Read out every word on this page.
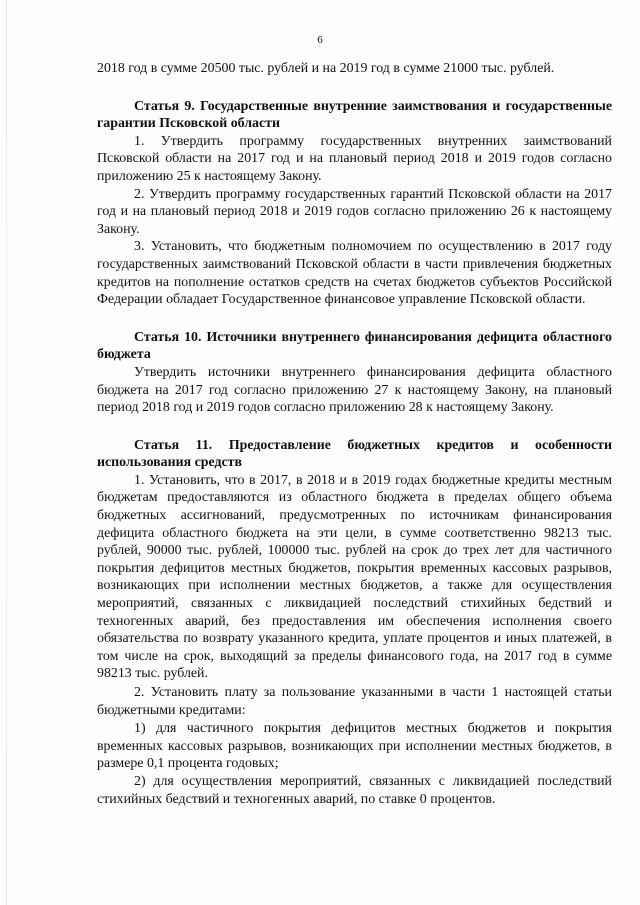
6

2018 год в сумме 20500 тыс. рублей и на 2019 год в сумме 21000 тыс. рублей.

Статья 9. Государственные внутренние заимствования и государственные гарантии Псковской области

1. Утвердить программу государственных внутренних заимствований Псковской области на 2017 год и на плановый период 2018 и 2019 годов согласно приложению 25 к настоящему Закону.

2. Утвердить программу государственных гарантий Псковской области на 2017 год и на плановый период 2018 и 2019 годов согласно приложению 26 к настоящему Закону.

3. Установить, что бюджетным полномочием по осуществлению в 2017 году государственных заимствований Псковской области в части привлечения бюджетных кредитов на пополнение остатков средств на счетах бюджетов субъектов Российской Федерации обладает Государственное финансовое управление Псковской области.

Статья 10. Источники внутреннего финансирования дефицита областного бюджета

Утвердить источники внутреннего финансирования дефицита областного бюджета на 2017 год согласно приложению 27 к настоящему Закону, на плановый период 2018 год и 2019 годов согласно приложению 28 к настоящему Закону.

Статья 11. Предоставление бюджетных кредитов и особенности использования средств

1. Установить, что в 2017, в 2018 и в 2019 годах бюджетные кредиты местным бюджетам предоставляются из областного бюджета в пределах общего объема бюджетных ассигнований, предусмотренных по источникам финансирования дефицита областного бюджета на эти цели, в сумме соответственно 98213 тыс. рублей, 90000 тыс. рублей, 100000 тыс. рублей на срок до трех лет для частичного покрытия дефицитов местных бюджетов, покрытия временных кассовых разрывов, возникающих при исполнении местных бюджетов, а также для осуществления мероприятий, связанных с ликвидацией последствий стихийных бедствий и техногенных аварий, без предоставления им обеспечения исполнения своего обязательства по возврату указанного кредита, уплате процентов и иных платежей, в том числе на срок, выходящий за пределы финансового года, на 2017 год в сумме 98213 тыс. рублей.

2. Установить плату за пользование указанными в части 1 настоящей статьи бюджетными кредитами:

1) для частичного покрытия дефицитов местных бюджетов и покрытия временных кассовых разрывов, возникающих при исполнении местных бюджетов, в размере 0,1 процента годовых;

2) для осуществления мероприятий, связанных с ликвидацией последствий стихийных бедствий и техногенных аварий, по ставке 0 процентов.
